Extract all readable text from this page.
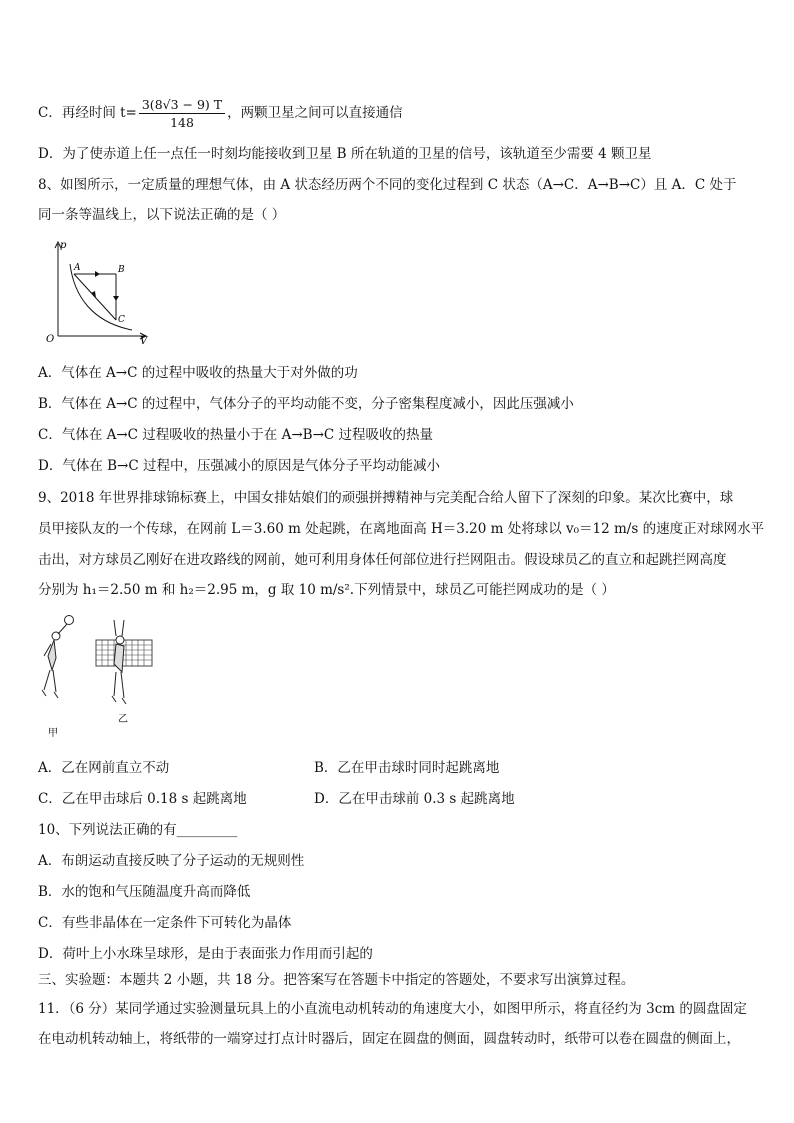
C．再经时间 $t= \frac{3(8√3 - 9) T}{148}$ ，两颗卫星之间可以直接通信
D．为了使赤道上任一点任一时刻均能接收到卫星 B 所在轨道的卫星的信号，该轨道至少需要 4 颗卫星
8、如图所示，一定质量的理想气体，由 A 状态经历两个不同的变化过程到 C 状态（A→C．A→B→C）且 A．C 处于
同一条等温线上，以下说法正确的是（ ）
p
V
O
A	B
C
A．气体在 A→C 的过程中吸收的热量大于对外做的功
B．气体在 A→C 的过程中，气体分子的平均动能不变，分子密集程度减小，因此压强减小
C．气体在 A→C 过程吸收的热量小于在 A→B→C 过程吸收的热量
D．气体在 B→C 过程中，压强减小的原因是气体分子平均动能减小
9、2018 年世界排球锦标赛上，中国女排姑娘们的顽强拼搏精神与完美配合给人留下了深刻的印象。某次比赛中，球
员甲接队友的一个传球，在网前 L＝3.60 m 处起跳，在离地面高 H＝3.20 m 处将球以 v₀＝12 m/s 的速度正对球网水平
击出，对方球员乙刚好在进攻路线的网前，她可利用身体任何部位进行拦网阻击。假设球员乙的直立和起跳拦网高度
分别为 h₁＝2.50 m 和 h₂＝2.95 m，g 取 10 m/s².下列情景中，球员乙可能拦网成功的是（ ）
甲
乙
A．乙在网前直立不动	B．乙在甲击球时同时起跳离地
C．乙在甲击球后 0.18 s 起跳离地	D．乙在甲击球前 0.3 s 起跳离地
10、下列说法正确的有_________
A．布朗运动直接反映了分子运动的无规则性
B．水的饱和气压随温度升高而降低
C．有些非晶体在一定条件下可转化为晶体
D．荷叶上小水珠呈球形，是由于表面张力作用而引起的
三、实验题：本题共 2 小题，共 18 分。把答案写在答题卡中指定的答题处，不要求写出演算过程。
11．（6 分）某同学通过实验测量玩具上的小直流电动机转动的角速度大小，如图甲所示，将直径约为 3cm 的圆盘固定
在电动机转动轴上，将纸带的一端穿过打点计时器后，固定在圆盘的侧面，圆盘转动时，纸带可以卷在圆盘的侧面上，
